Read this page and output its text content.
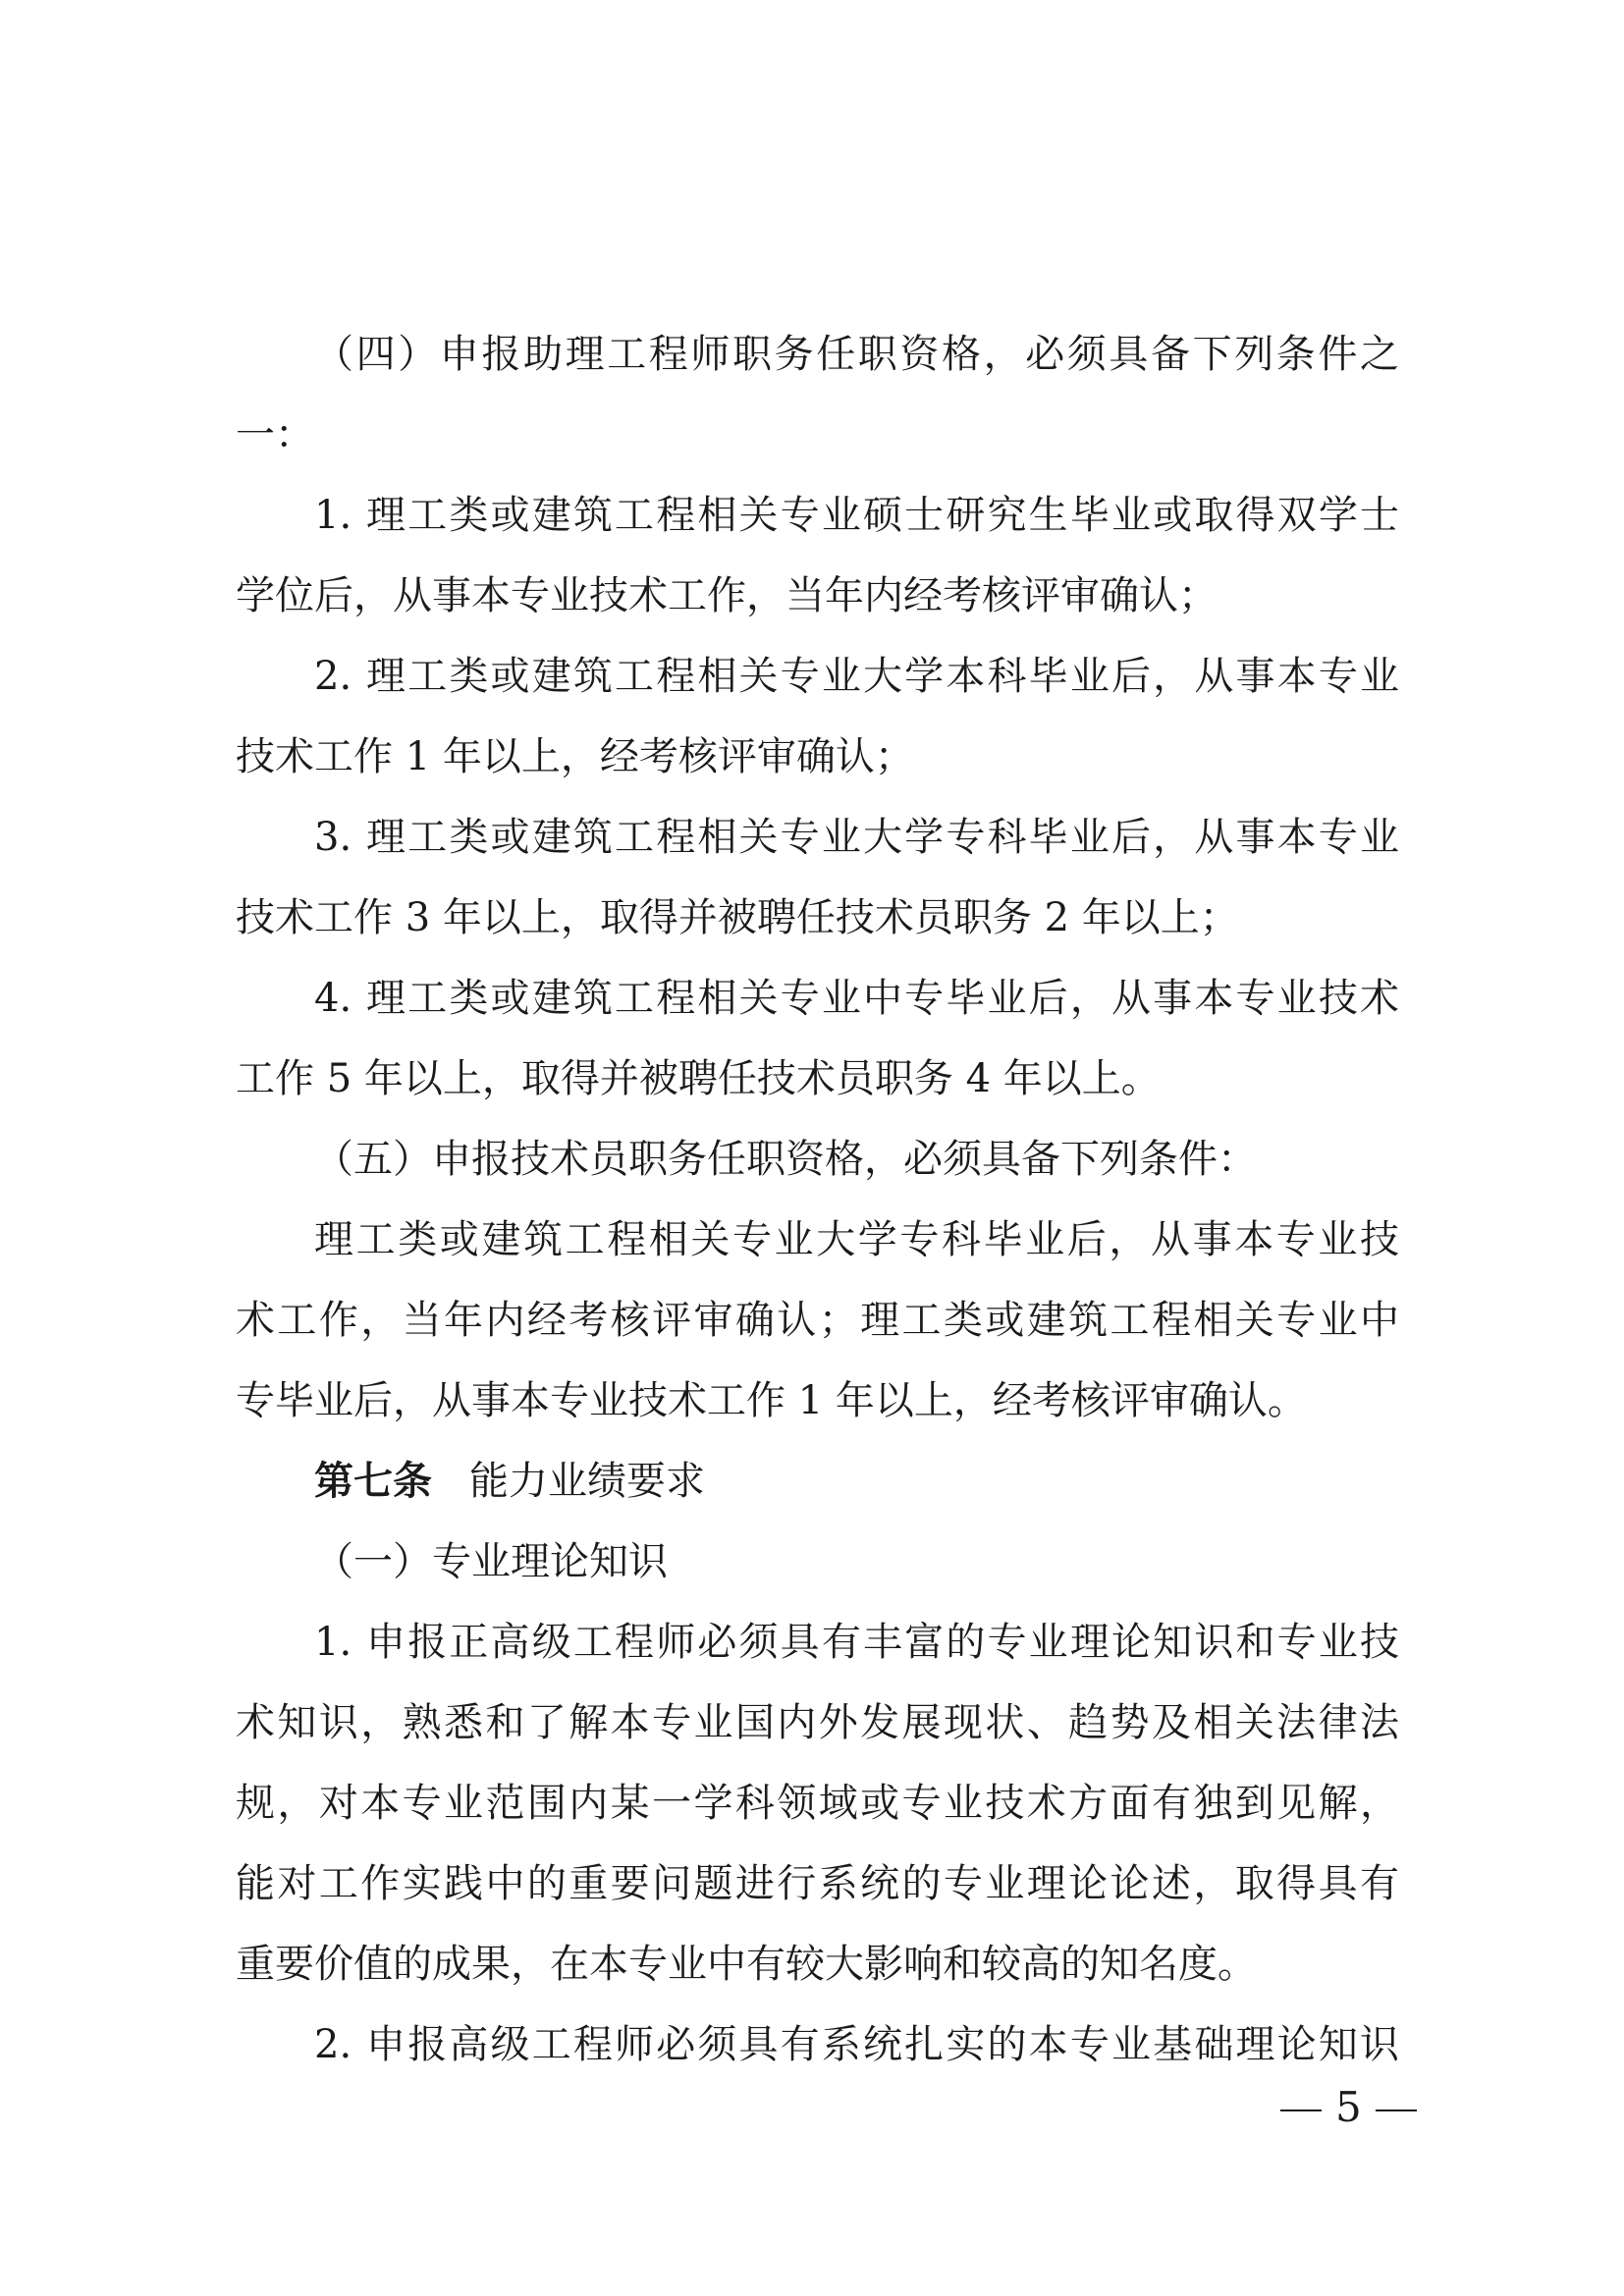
（四）申报助理工程师职务任职资格，必须具备下列条件之
一：
1. 理工类或建筑工程相关专业硕士研究生毕业或取得双学士
学位后，从事本专业技术工作，当年内经考核评审确认；
2. 理工类或建筑工程相关专业大学本科毕业后，从事本专业
技术工作 1 年以上，经考核评审确认；
3. 理工类或建筑工程相关专业大学专科毕业后，从事本专业
技术工作 3 年以上，取得并被聘任技术员职务 2 年以上；
4. 理工类或建筑工程相关专业中专毕业后，从事本专业技术
工作 5 年以上，取得并被聘任技术员职务 4 年以上。
（五）申报技术员职务任职资格，必须具备下列条件：
理工类或建筑工程相关专业大学专科毕业后，从事本专业技
术工作，当年内经考核评审确认；理工类或建筑工程相关专业中
专毕业后，从事本专业技术工作 1 年以上，经考核评审确认。
第七条 能力业绩要求
（一）专业理论知识
1. 申报正高级工程师必须具有丰富的专业理论知识和专业技
术知识，熟悉和了解本专业国内外发展现状、趋势及相关法律法
规，对本专业范围内某一学科领域或专业技术方面有独到见解，
能对工作实践中的重要问题进行系统的专业理论论述，取得具有
重要价值的成果，在本专业中有较大影响和较高的知名度。
2. 申报高级工程师必须具有系统扎实的本专业基础理论知识
5
